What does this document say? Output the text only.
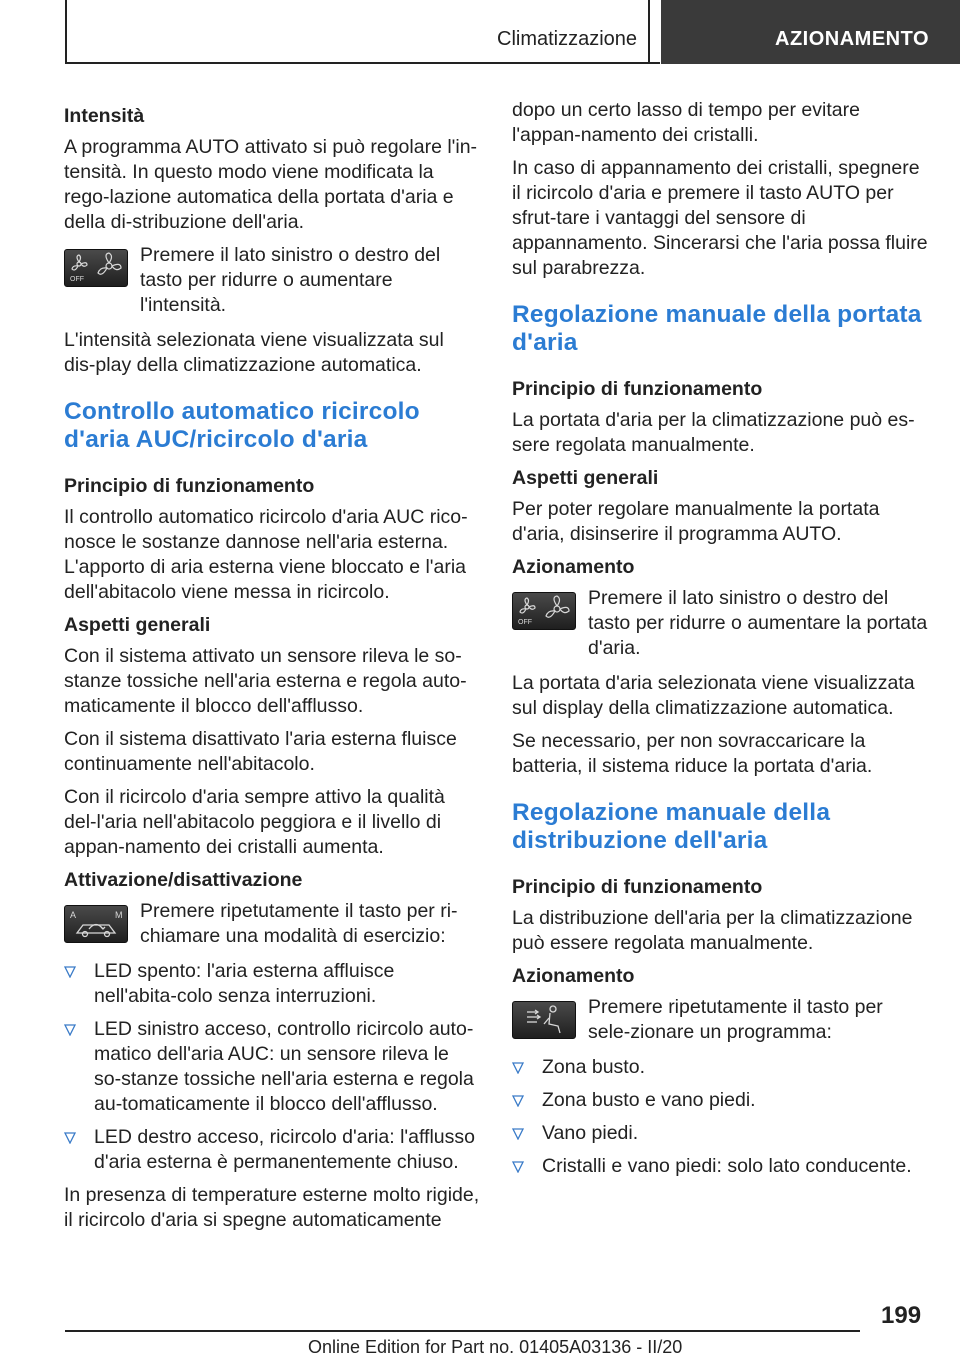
Climatizzazione	AZIONAMENTO
Intensità

A programma AUTO attivato si può regolare l'in-tensità. In questo modo viene modificata la rego-lazione automatica della portata d'aria e della di-stribuzione dell'aria.

OFF
Premere il lato sinistro o destro del tasto per ridurre o aumentare l'intensità.

L'intensità selezionata viene visualizzata sul dis-play della climatizzazione automatica.

Controllo automatico ricircolo d'aria AUC/ricircolo d'aria
Principio di funzionamento

Il controllo automatico ricircolo d'aria AUC rico-nosce le sostanze dannose nell'aria esterna. L'apporto di aria esterna viene bloccato e l'aria dell'abitacolo viene messa in ricircolo.

Aspetti generali

Con il sistema attivato un sensore rileva le so-stanze tossiche nell'aria esterna e regola auto-maticamente il blocco dell'afflusso.

Con il sistema disattivato l'aria esterna fluisce continuamente nell'abitacolo.

Con il ricircolo d'aria sempre attivo la qualità del-l'aria nell'abitacolo peggiora e il livello di appan-namento dei cristalli aumenta.

Attivazione/disattivazione
A	M Premere ripetutamente il tasto per ri-chiamare una modalità di esercizio:
LED spento: l'aria esterna affluisce nell'abita-colo senza interruzioni.
LED sinistro acceso, controllo ricircolo auto-matico dell'aria AUC: un sensore rileva le so-stanze tossiche nell'aria esterna e regola au-tomaticamente il blocco dell'afflusso.
LED destro acceso, ricircolo d'aria: l'afflusso d'aria esterna è permanentemente chiuso.

In presenza di temperature esterne molto rigide, il ricircolo d'aria si spegne automaticamente

dopo un certo lasso di tempo per evitare l'appan-namento dei cristalli.

In caso di appannamento dei cristalli, spegnere il ricircolo d'aria e premere il tasto AUTO per sfrut-tare i vantaggi del sensore di appannamento. Sincerarsi che l'aria possa fluire sul parabrezza.

Regolazione manuale della portata d'aria
Principio di funzionamento

La portata d'aria per la climatizzazione può es-sere regolata manualmente.

Aspetti generali

Per poter regolare manualmente la portata d'aria, disinserire il programma AUTO.

Azionamento
OFF
Premere il lato sinistro o destro del tasto per ridurre o aumentare la portata d'aria.

La portata d'aria selezionata viene visualizzata sul display della climatizzazione automatica.

Se necessario, per non sovraccaricare la batteria, il sistema riduce la portata d'aria.

Regolazione manuale della distribuzione dell'aria
Principio di funzionamento

La distribuzione dell'aria per la climatizzazione può essere regolata manualmente.

Azionamento
Premere ripetutamente il tasto per sele-zionare un programma:
Zona busto.
Zona busto e vano piedi.
Vano piedi.
Cristalli e vano piedi: solo lato conducente.
199
Online Edition for Part no. 01405A03136 - II/20
